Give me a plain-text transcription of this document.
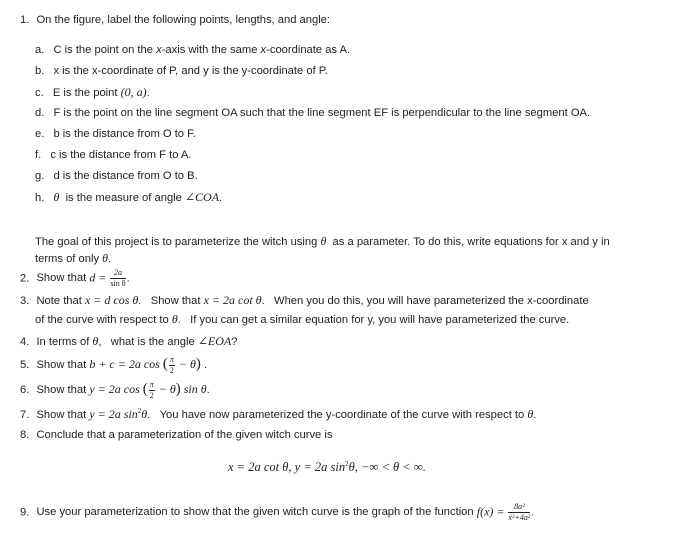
1. On the figure, label the following points, lengths, and angle:
a. C is the point on the x-axis with the same x-coordinate as A.
b. x is the x-coordinate of P, and y is the y-coordinate of P.
c. E is the point (0, a).
d. F is the point on the line segment OA such that the line segment EF is perpendicular to the line segment OA.
e. b is the distance from O to F.
f. c is the distance from F to A.
g. d is the distance from O to B.
h. θ  is the measure of angle ∠COA.
The goal of this project is to parameterize the witch using θ  as a parameter. To do this, write equations for x and y in
terms of only θ.
2. Show that $d = \frac{2a}{\text{sin θ}}$ .
3. Note that x = d cos θ.   Show that x = 2a cot θ.   When you do this, you will have parameterized the x-coordinate
of the curve with respect to θ.   If you can get a similar equation for y, you will have parameterized the curve.
4. In terms of θ,   what is the angle ∠EOA?
5. Show that b + c = 2a cos ( $\frac{\pi}{2} - \theta$) .
6. Show that y = 2a cos ( $\frac{\pi}{2} - \theta$) sin θ.
7. Show that y = 2a $\sin^2\theta$.   You have now parameterized the y-coordinate of the curve with respect to θ.
8. Conclude that a parameterization of the given witch curve is
x = 2a cot θ, y = 2a $\sin^2\theta$, −∞ < θ < ∞.
9. Use your parameterization to show that the given witch curve is the graph of the function $f(x) = \frac{\text{8a³}}{\text{x²+4a²}}$ .
